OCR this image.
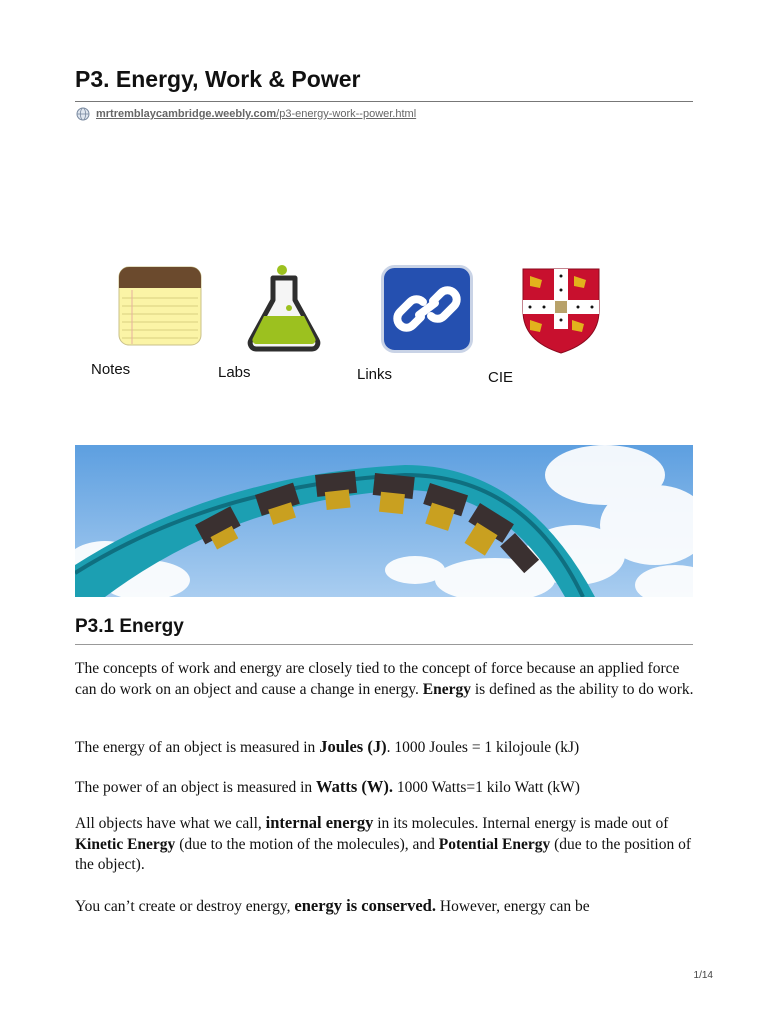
P3. Energy, Work & Power
mrtremblaycambridge.weebly.com/p3-energy-work--power.html
Notes	Labs	Links	CIE
P3.1 Energy

The concepts of work and energy are closely tied to the concept of force because an applied force can do work on an object and cause a change in energy. Energy is defined as the ability to do work.

The energy of an object is measured in Joules (J). 1000 Joules = 1 kilojoule (kJ)

The power of an object is measured in Watts (W). 1000 Watts=1 kilo Watt (kW)

All objects have what we call, internal energy in its molecules. Internal energy is made out of Kinetic Energy (due to the motion of the molecules), and Potential Energy (due to the position of the object).

You can’t create or destroy energy, energy is conserved. However, energy can be

1/14
